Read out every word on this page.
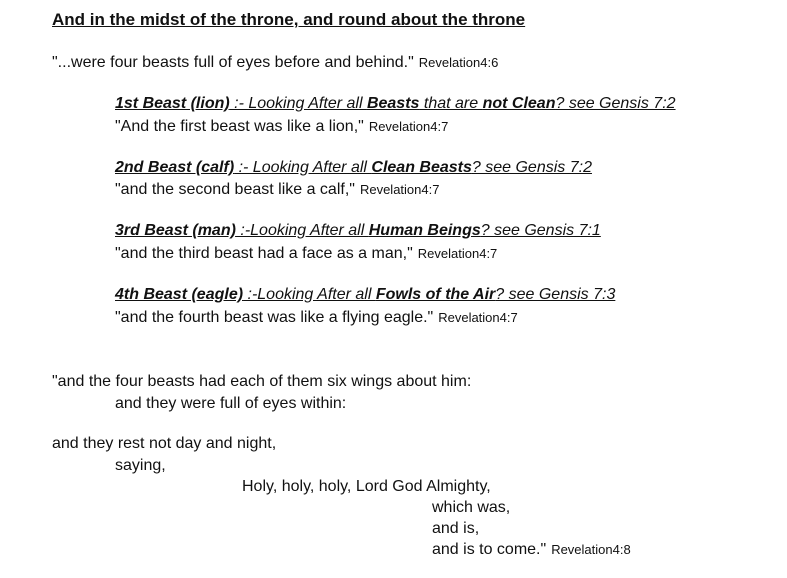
And in the midst of the throne, and round about the throne
"...were four beasts full of eyes before and behind." Revelation4:6
1st Beast (lion) :- Looking After all Beasts that are not Clean? see Gensis 7:2
"And the first beast was like a lion," Revelation4:7
2nd Beast (calf) :- Looking After all Clean Beasts? see Gensis 7:2
"and the second beast like a calf," Revelation4:7
3rd Beast (man) :-Looking After all Human Beings? see Gensis 7:1
"and the third beast had a face as a man," Revelation4:7
4th Beast (eagle) :-Looking After all Fowls of the Air? see Gensis 7:3
"and the fourth beast was like a flying eagle." Revelation4:7
"and the four beasts had each of them six wings about him:
and they were full of eyes within:
and they rest not day and night,
saying,
Holy, holy, holy, Lord God Almighty,
which was,
and is,
and is to come." Revelation4:8
